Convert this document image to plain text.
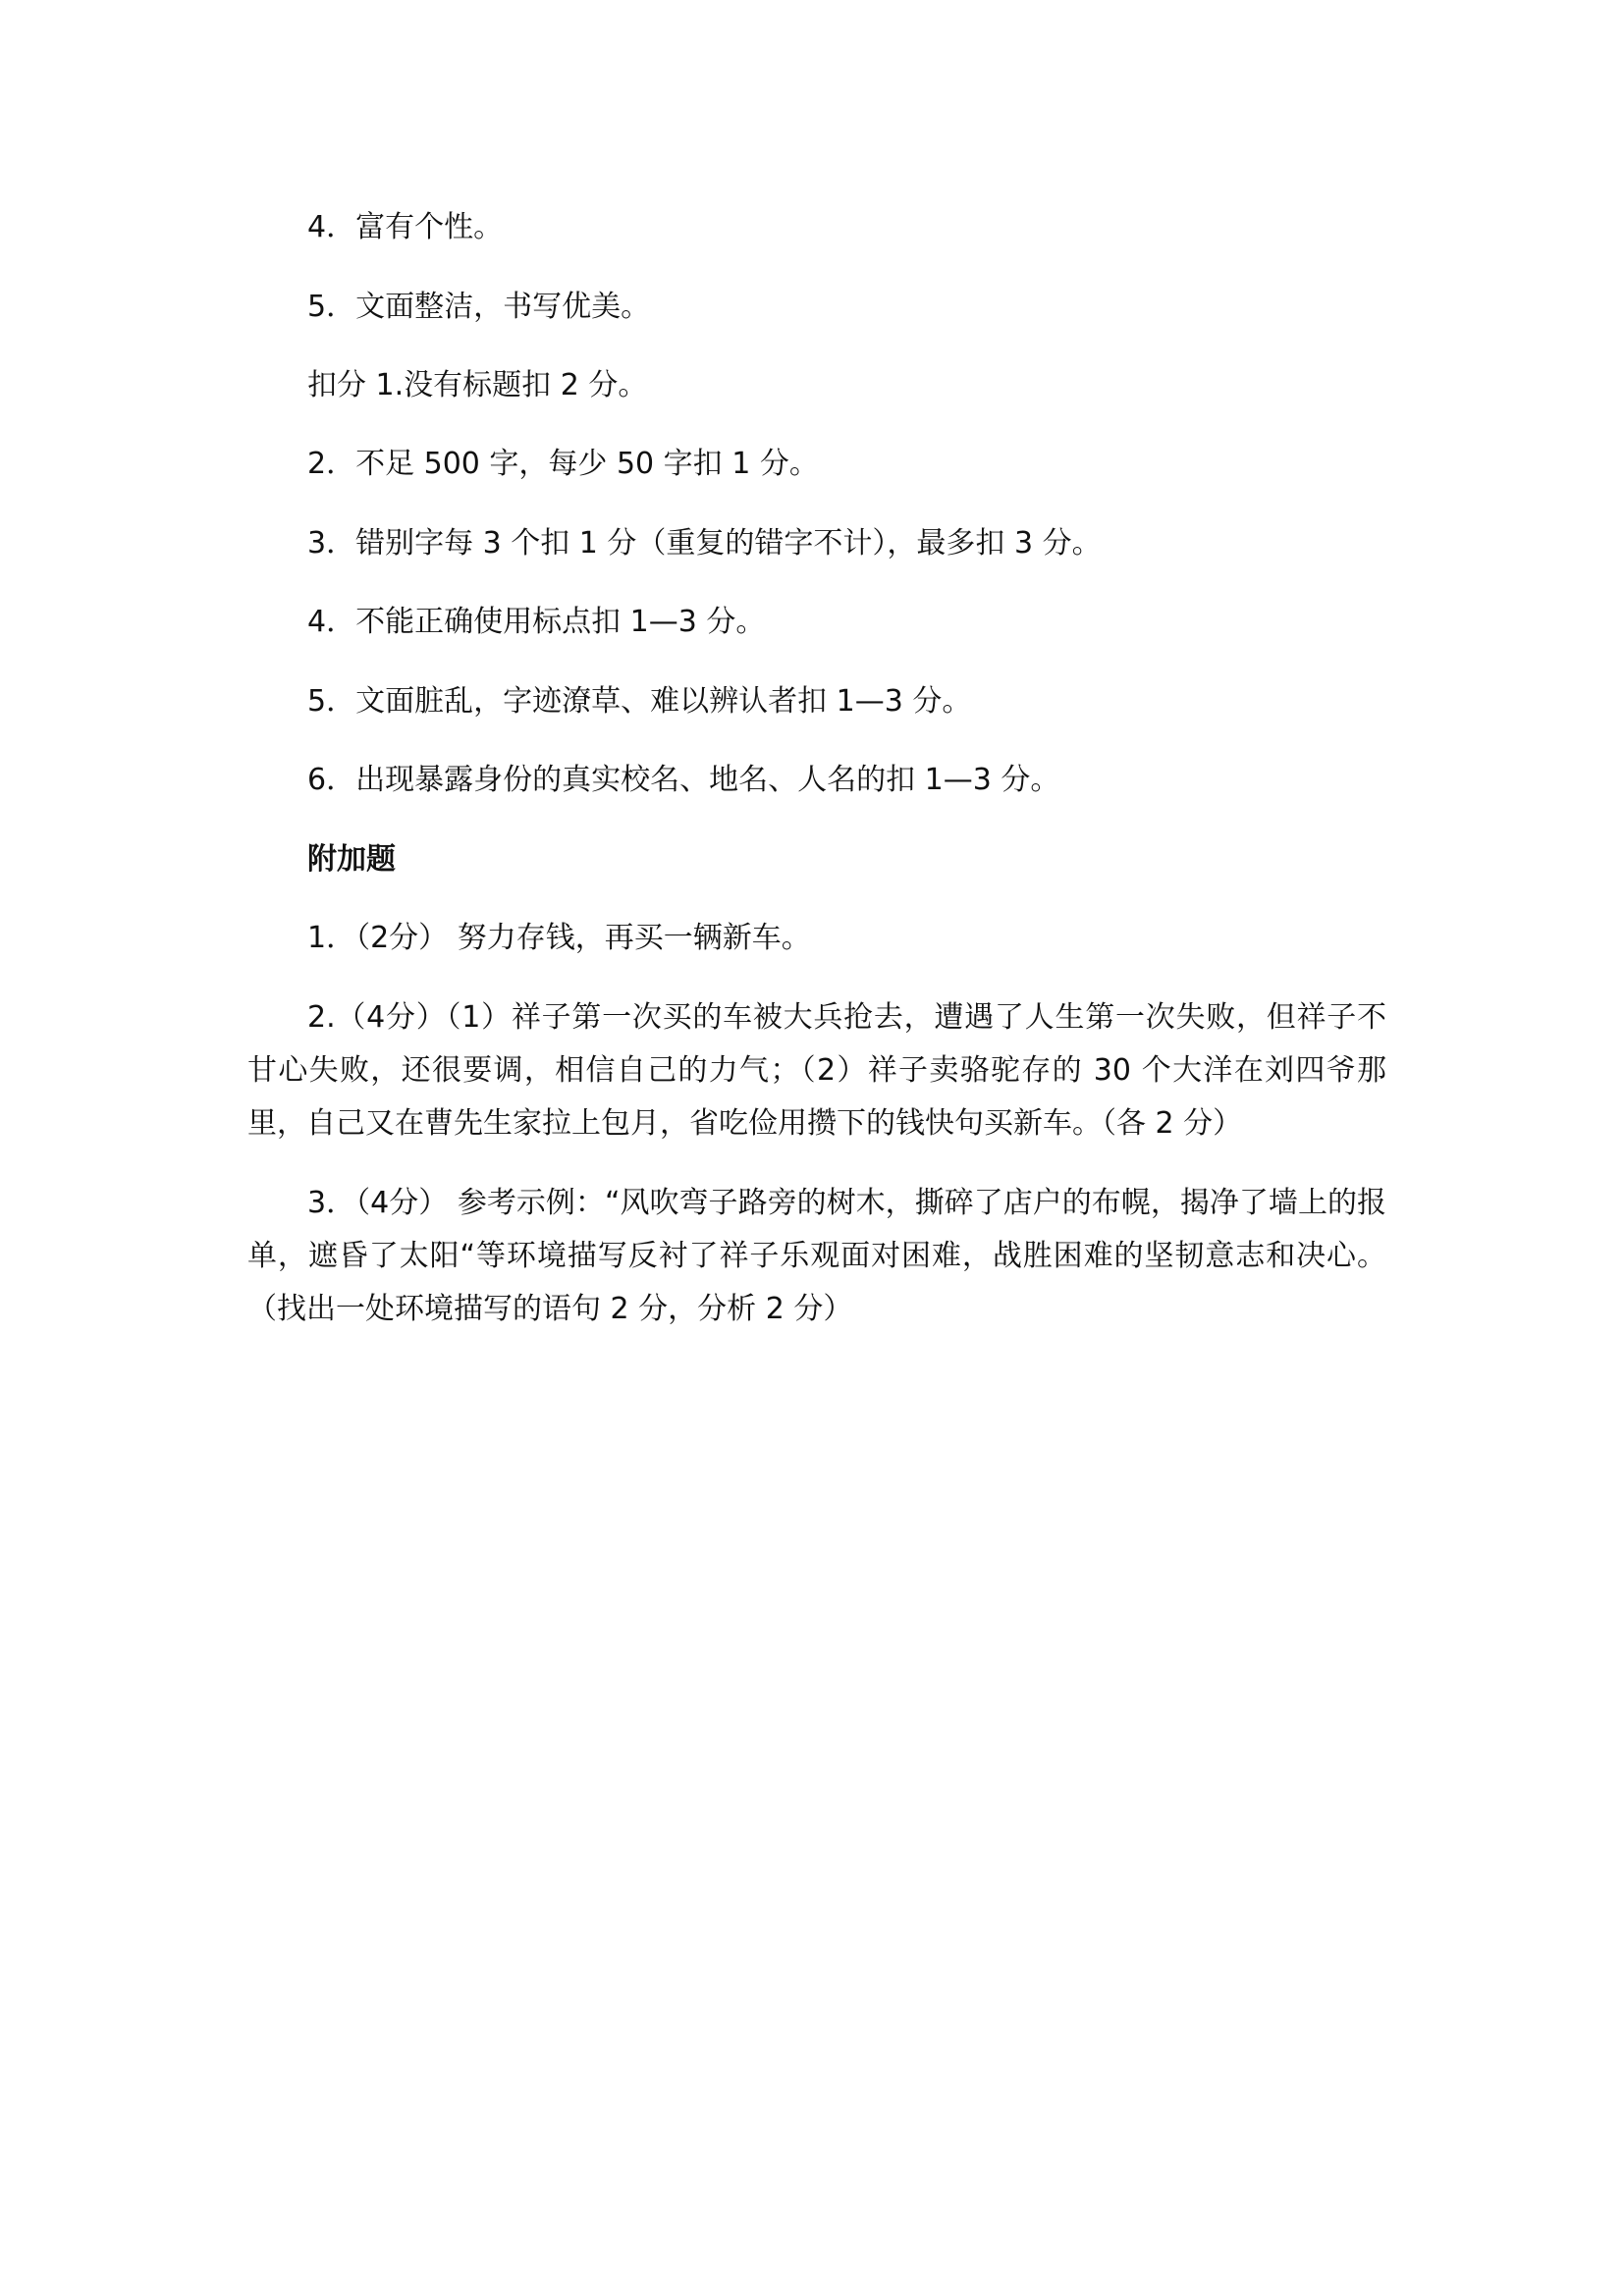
4．富有个性。
5．文面整洁，书写优美。
扣分 1.没有标题扣 2 分。
2．不足 500 字，每少 50 字扣 1 分。
3．错别字每 3 个扣 1 分（重复的错字不计），最多扣 3 分。
4．不能正确使用标点扣 1—3 分。
5．文面脏乱，字迹潦草、难以辨认者扣 1—3 分。
6．出现暴露身份的真实校名、地名、人名的扣 1—3 分。
附加题
1．（2分） 努力存钱，再买一辆新车。
2.（4分）（1）祥子第一次买的车被大兵抢去，遭遇了人生第一次失败，但祥子不甘心失败，还很要调，相信自己的力气；（2）祥子卖骆驼存的 30 个大洋在刘四爷那里，自己又在曹先生家拉上包月，省吃俭用攒下的钱快句买新车。（各 2 分）
3．（4分） 参考示例：“风吹弯子路旁的树木，撕碎了店户的布幌，揭净了墙上的报单，遮昏了太阳“等环境描写反衬了祥子乐观面对困难，战胜困难的坚韧意志和决心。（找出一处环境描写的语句 2 分，分析 2 分）
